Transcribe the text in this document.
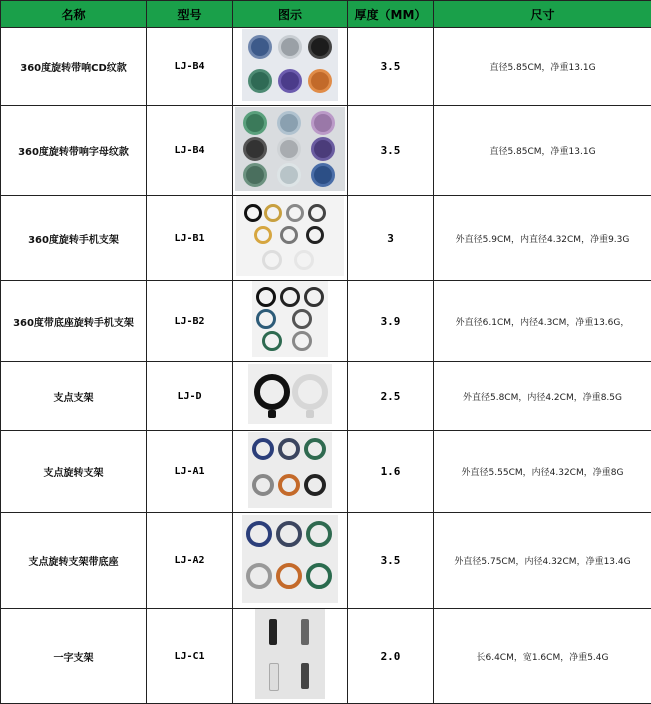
名称	型号	图示	厚度（MM）	尺寸
360度旋转带响CD纹款	LJ-B4		3.5	直径5.85CM，净重13.1G
360度旋转带响字母纹款	LJ-B4		3.5	直径5.85CM，净重13.1G
360度旋转手机支架	LJ-B1		3	外直径5.9CM，内直径4.32CM，净重9.3G
360度带底座旋转手机支架	LJ-B2		3.9	外直径6.1CM，内径4.3CM，净重13.6G，
支点支架	LJ-D		2.5	外直径5.8CM，内径4.2CM，净重8.5G
支点旋转支架	LJ-A1		1.6	外直径5.55CM，内径4.32CM，净重8G
支点旋转支架带底座	LJ-A2		3.5	外直径5.75CM，内径4.32CM，净重13.4G
一字支架	LJ-C1		2.0	长6.4CM，宽1.6CM，净重5.4G
